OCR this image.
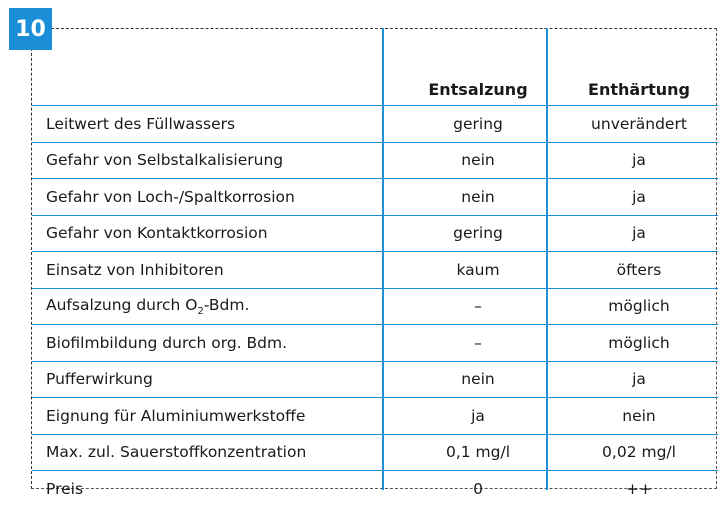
10
	Entsalzung	Enthärtung
Leitwert des Füllwassers	gering	unverändert
Gefahr von Selbstalkalisierung	nein	ja
Gefahr von Loch-/Spaltkorrosion	nein	ja
Gefahr von Kontaktkorrosion	gering	ja
Einsatz von Inhibitoren	kaum	öfters
Aufsalzung durch $O_2$-Bdm.	–	möglich
Biofilmbildung durch org. Bdm.	–	möglich
Pufferwirkung	nein	ja
Eignung für Aluminiumwerkstoffe	ja	nein
Max. zul. Sauerstoffkonzentration	0,1 mg/l	0,02 mg/l
Preis	0	++
